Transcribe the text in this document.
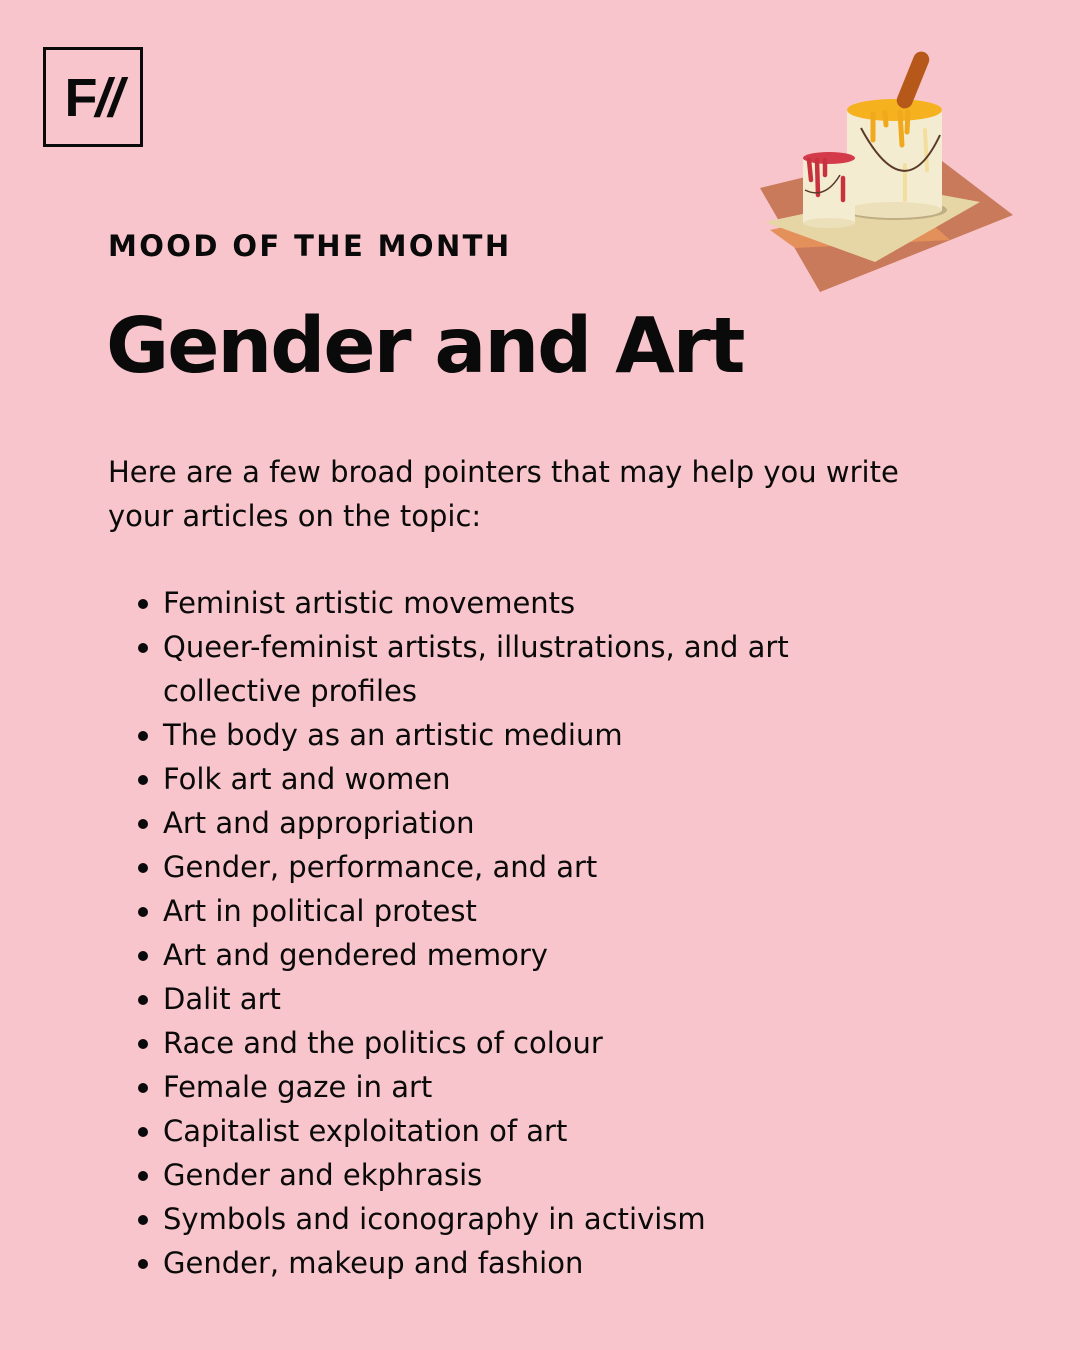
F//
MOOD OF THE MONTH
Gender and Art

Here are a few broad pointers that may help you write your articles on the topic:

Feminist artistic movements
Queer-feminist artists, illustrations, and art collective profiles
The body as an artistic medium
Folk art and women
Art and appropriation
Gender, performance, and art
Art in political protest
Art and gendered memory
Dalit art
Race and the politics of colour
Female gaze in art
Capitalist exploitation of art
Gender and ekphrasis
Symbols and iconography in activism
Gender, makeup and fashion
